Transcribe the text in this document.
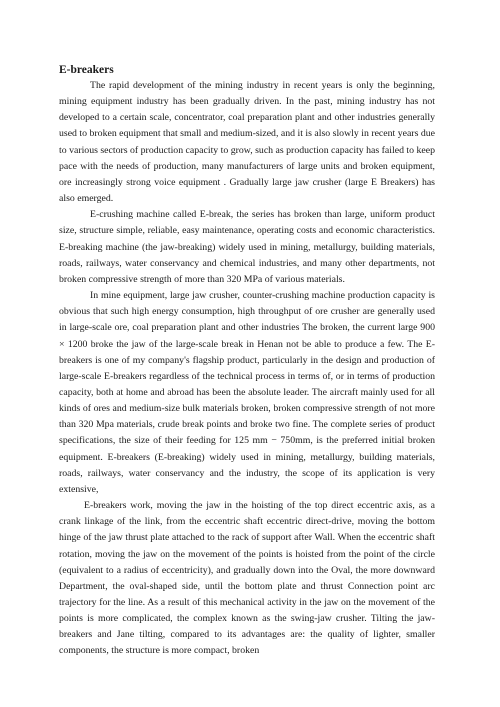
E-breakers

The rapid development of the mining industry in recent years is only the beginning, mining equipment industry has been gradually driven. In the past, mining industry has not developed to a certain scale, concentrator, coal preparation plant and other industries generally used to broken equipment that small and medium-sized, and it is also slowly in recent years due to various sectors of production capacity to grow, such as production capacity has failed to keep pace with the needs of production, many manufacturers of large units and broken equipment, ore increasingly strong voice equipment . Gradually large jaw crusher (large E Breakers) has also emerged.

E-crushing machine called E-break, the series has broken than large, uniform product size, structure simple, reliable, easy maintenance, operating costs and economic characteristics. E-breaking machine (the jaw-breaking) widely used in mining, metallurgy, building materials, roads, railways, water conservancy and chemical industries, and many other departments, not broken compressive strength of more than 320 MPa of various materials.

In mine equipment, large jaw crusher, counter-crushing machine production capacity is obvious that such high energy consumption, high throughput of ore crusher are generally used in large-scale ore, coal preparation plant and other industries The broken, the current large 900 × 1200 broke the jaw of the large-scale break in Henan not be able to produce a few. The E-breakers is one of my company's flagship product, particularly in the design and production of large-scale E-breakers regardless of the technical process in terms of, or in terms of production capacity, both at home and abroad has been the absolute leader. The aircraft mainly used for all kinds of ores and medium-size bulk materials broken, broken compressive strength of not more than 320 Mpa materials, crude break points and broke two fine. The complete series of product specifications, the size of their feeding for 125 mm − 750mm, is the preferred initial broken equipment. E-breakers (E-breaking) widely used in mining, metallurgy, building materials, roads, railways, water conservancy and the industry, the scope of its application is very extensive,

E-breakers work, moving the jaw in the hoisting of the top direct eccentric axis, as a crank linkage of the link, from the eccentric shaft eccentric direct-drive, moving the bottom hinge of the jaw thrust plate attached to the rack of support after Wall. When the eccentric shaft rotation, moving the jaw on the movement of the points is hoisted from the point of the circle (equivalent to a radius of eccentricity), and gradually down into the Oval, the more downward Department, the oval-shaped side, until the bottom plate and thrust Connection point arc trajectory for the line. As a result of this mechanical activity in the jaw on the movement of the points is more complicated, the complex known as the swing-jaw crusher. Tilting the jaw-breakers and Jane tilting, compared to its advantages are: the quality of lighter, smaller components, the structure is more compact, broken
